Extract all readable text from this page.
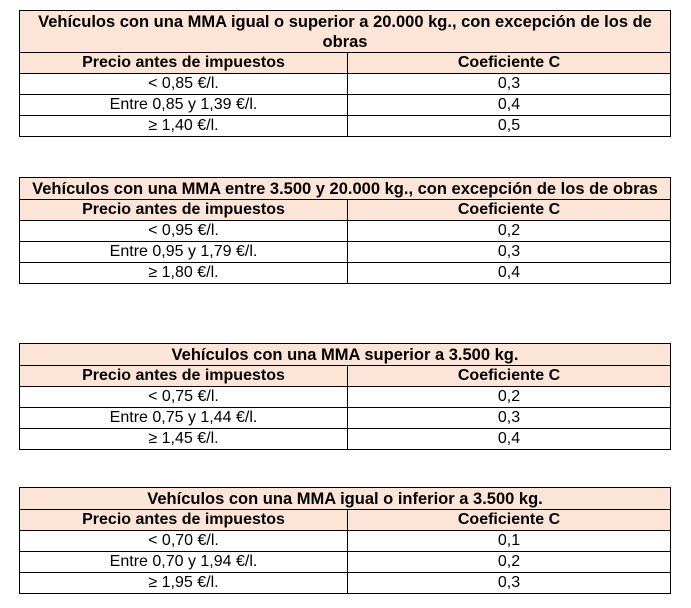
Vehículos con una MMA igual o superior a 20.000 kg., con excepción de los de obras	
Precio antes de impuestos	Coeficiente C
< 0,85 €/l.	0,3
Entre 0,85 y 1,39 €/l.	0,4
≥ 1,40 €/l.	0,5
Vehículos con una MMA entre 3.500 y 20.000 kg., con excepción de los de obras	
Precio antes de impuestos	Coeficiente C
< 0,95 €/l.	0,2
Entre 0,95 y 1,79 €/l.	0,3
≥ 1,80 €/l.	0,4
Vehículos con una MMA superior a 3.500 kg.	
Precio antes de impuestos	Coeficiente C
< 0,75 €/l.	0,2
Entre 0,75 y 1,44 €/l.	0,3
≥ 1,45 €/l.	0,4
Vehículos con una MMA igual o inferior a 3.500 kg.	
Precio antes de impuestos	Coeficiente C
< 0,70 €/l.	0,1
Entre 0,70 y 1,94 €/l.	0,2
≥ 1,95 €/l.	0,3
